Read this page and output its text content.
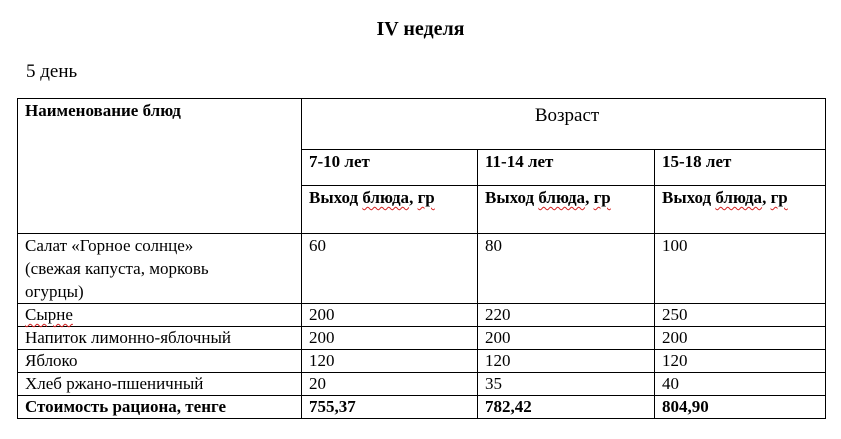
IV неделя
5 день
Наименование блюд	Возраст		
	7-10 лет	11-14 лет	15-18 лет
	Выход блюда, гр	Выход блюда, гр	Выход блюда, гр

Салат «Горное солнце»
(свежая капуста, морковь
огурцы)	60	80	100
Сырне	200	220	250
Напиток лимонно-яблочный	200	200	200
Яблоко	120	120	120
Хлеб ржано-пшеничный	20	35	40
Стоимость рациона, тенге	755,37	782,42	804,90
